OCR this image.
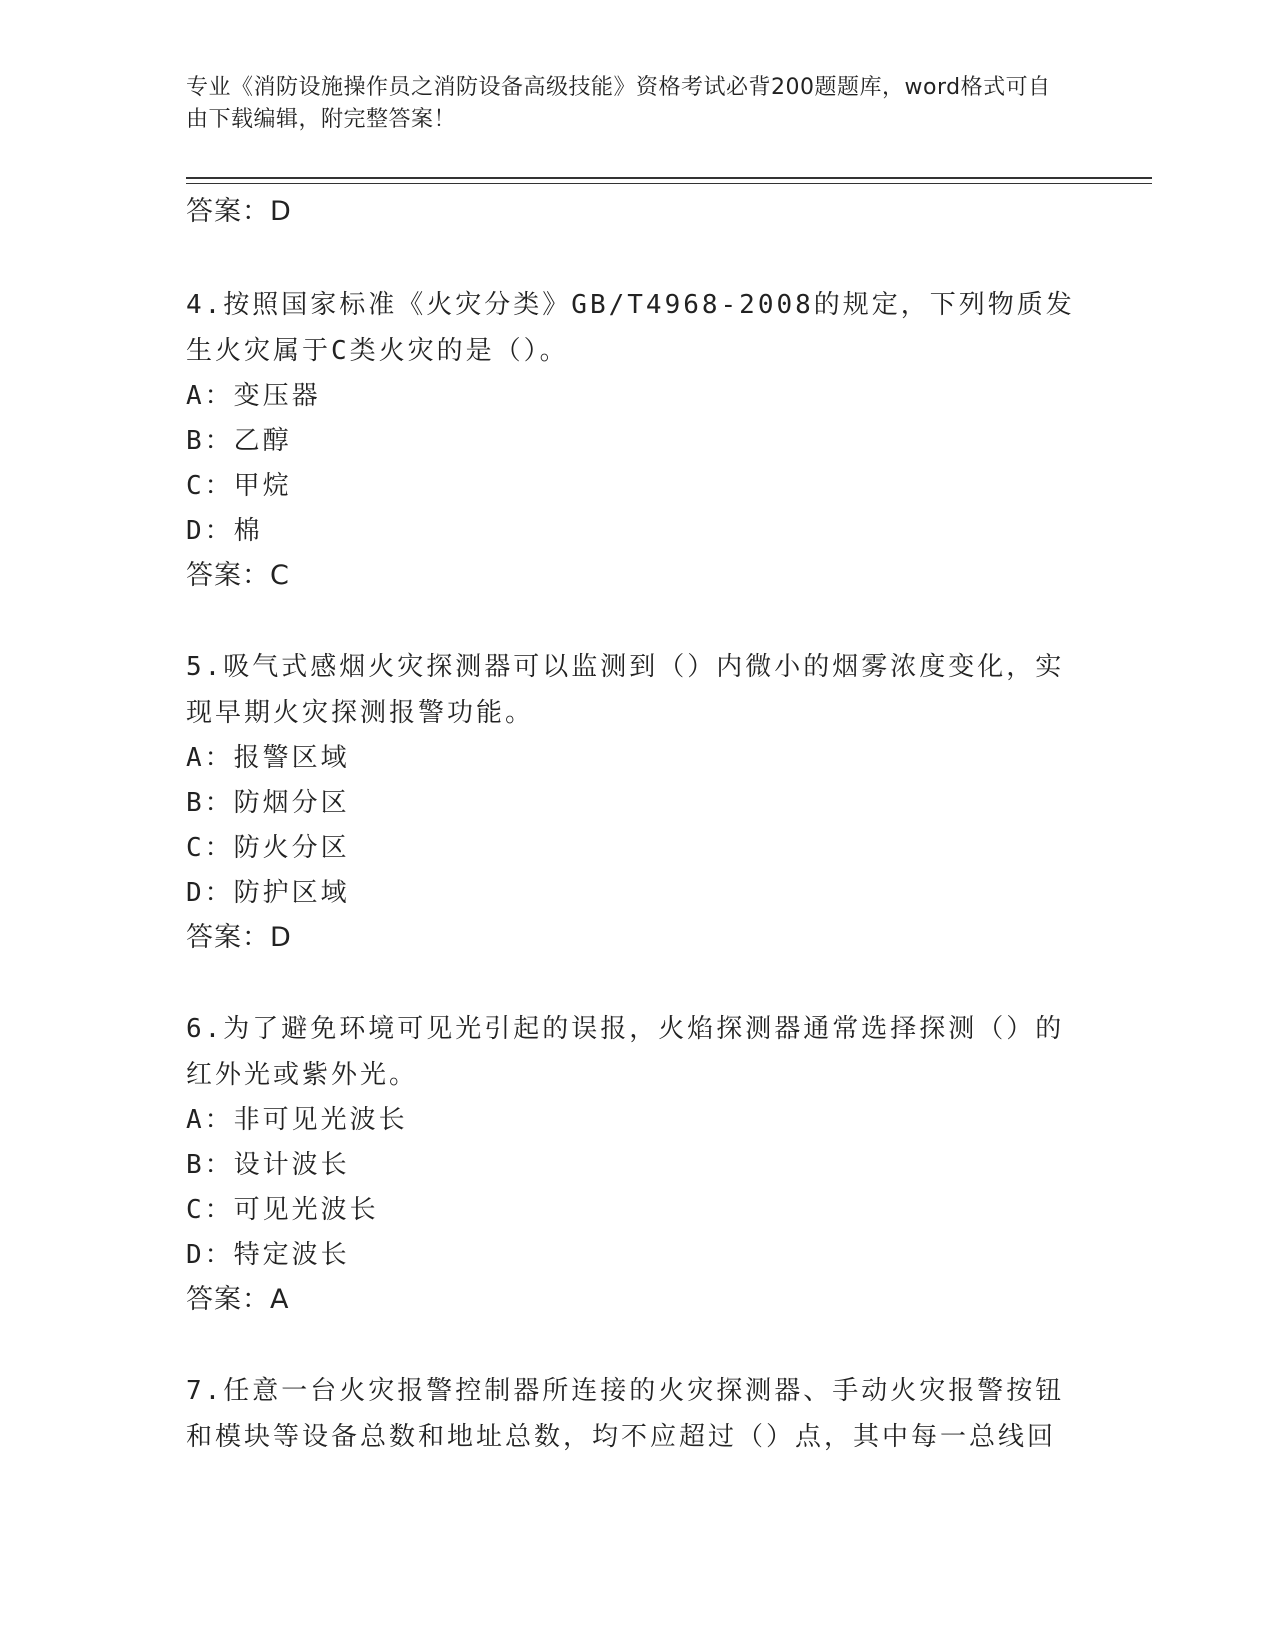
专业《消防设施操作员之消防设备高级技能》资格考试必背200题题库，word格式可自由下载编辑，附完整答案！
答案：D
4.按照国家标准《火灾分类》GB/T4968-2008的规定，下列物质发生火灾属于C类火灾的是（）。
A：变压器
B：乙醇
C：甲烷
D：棉
答案：C
5.吸气式感烟火灾探测器可以监测到（）内微小的烟雾浓度变化，实现早期火灾探测报警功能。
A：报警区域
B：防烟分区
C：防火分区
D：防护区域
答案：D
6.为了避免环境可见光引起的误报，火焰探测器通常选择探测（）的红外光或紫外光。
A：非可见光波长
B：设计波长
C：可见光波长
D：特定波长
答案：A
7.任意一台火灾报警控制器所连接的火灾探测器、手动火灾报警按钮和模块等设备总数和地址总数，均不应超过（）点，其中每一总线回
